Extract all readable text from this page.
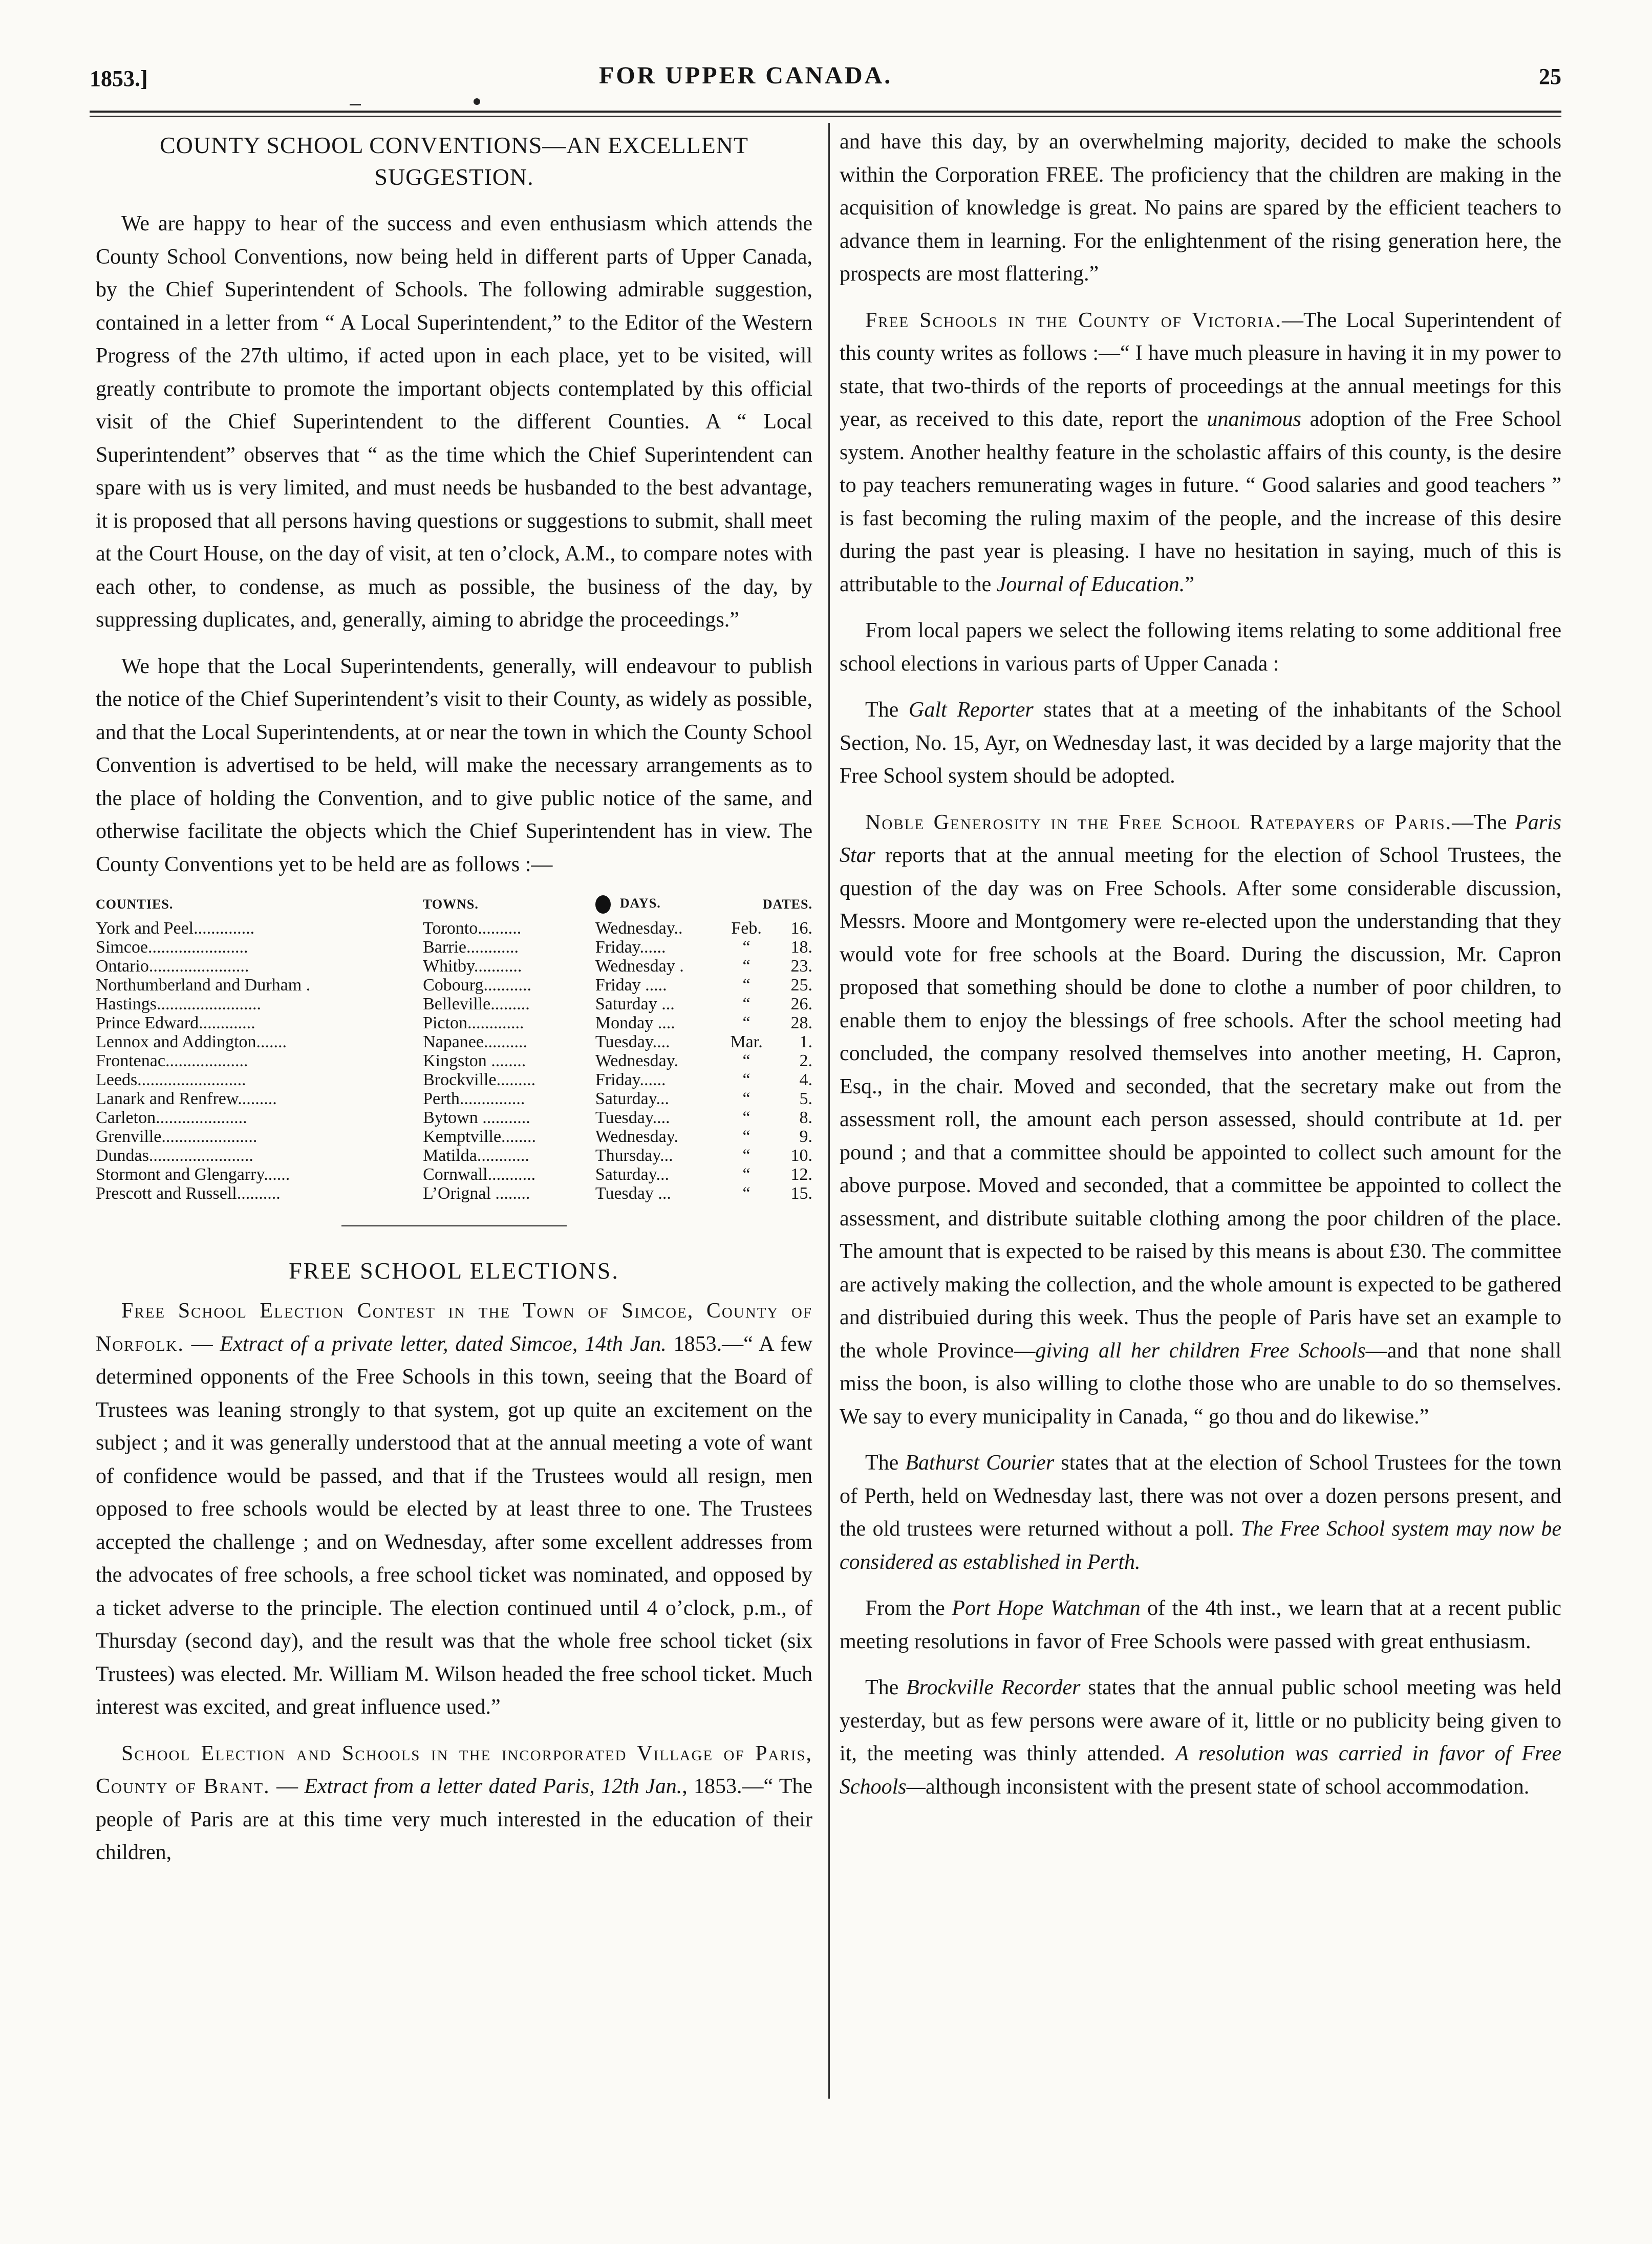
1853.]	FOR UPPER CANADA.	25
COUNTY SCHOOL CONVENTIONS—AN EXCELLENT SUGGESTION.

We are happy to hear of the success and even enthusiasm which attends the County School Conventions, now being held in different parts of Upper Canada, by the Chief Superintendent of Schools. The following admirable suggestion, contained in a letter from “ A Local Superintendent,” to the Editor of the Western Progress of the 27th ultimo, if acted upon in each place, yet to be visited, will greatly contribute to promote the important objects contemplated by this official visit of the Chief Superintendent to the different Counties. A “ Local Superintendent” observes that “ as the time which the Chief Superintendent can spare with us is very limited, and must needs be husbanded to the best advantage, it is proposed that all persons having questions or suggestions to submit, shall meet at the Court House, on the day of visit, at ten o’clock, A.M., to compare notes with each other, to condense, as much as possible, the business of the day, by suppressing duplicates, and, generally, aiming to abridge the proceedings.”

We hope that the Local Superintendents, generally, will endeavour to publish the notice of the Chief Superintendent’s visit to their County, as widely as possible, and that the Local Superintendents, at or near the town in which the County School Convention is advertised to be held, will make the necessary arrangements as to the place of holding the Convention, and to give public notice of the same, and otherwise facilitate the objects which the Chief Superintendent has in view. The County Conventions yet to be held are as follows :—

COUNTIES.	TOWNS.	DAYS.		DATES.
York and Peel..............	Toronto..........	Wednesday..	Feb.	16.
Simcoe.......................	Barrie............	Friday......	“	18.
Ontario.......................	Whitby...........	Wednesday .	“	23.
Northumberland and Durham .	Cobourg...........	Friday .....	“	25.
Hastings........................	Belleville.........	Saturday ...	“	26.
Prince Edward.............	Picton.............	Monday ....	“	28.
Lennox and Addington.......	Napanee..........	Tuesday....	Mar.	1.
Frontenac...................	Kingston ........	Wednesday.	“	2.
Leeds.........................	Brockville.........	Friday......	“	4.
Lanark and Renfrew.........	Perth...............	Saturday...	“	5.
Carleton.....................	Bytown ...........	Tuesday....	“	8.
Grenville......................	Kemptville........	Wednesday.	“	9.
Dundas........................	Matilda............	Thursday...	“	10.
Stormont and Glengarry......	Cornwall...........	Saturday...	“	12.
Prescott and Russell..........	L’Orignal ........	Tuesday ...	“	15.
FREE SCHOOL ELECTIONS.

Free School Election Contest in the Town of Simcoe, County of Norfolk. — Extract of a private letter, dated Simcoe, 14th Jan. 1853.—“ A few determined opponents of the Free Schools in this town, seeing that the Board of Trustees was leaning strongly to that system, got up quite an excitement on the subject ; and it was generally understood that at the annual meeting a vote of want of confidence would be passed, and that if the Trustees would all resign, men opposed to free schools would be elected by at least three to one. The Trustees accepted the challenge ; and on Wednesday, after some excellent addresses from the advocates of free schools, a free school ticket was nominated, and opposed by a ticket adverse to the principle. The election continued until 4 o’clock, p.m., of Thursday (second day), and the result was that the whole free school ticket (six Trustees) was elected. Mr. William M. Wilson headed the free school ticket. Much interest was excited, and great influence used.”

School Election and Schools in the incorporated Village of Paris, County of Brant. — Extract from a letter dated Paris, 12th Jan., 1853.—“ The people of Paris are at this time very much interested in the education of their children,

and have this day, by an overwhelming majority, decided to make the schools within the Corporation FREE. The proficiency that the children are making in the acquisition of knowledge is great. No pains are spared by the efficient teachers to advance them in learning. For the enlightenment of the rising generation here, the prospects are most flattering.”

Free Schools in the County of Victoria.—The Local Superintendent of this county writes as follows :—“ I have much pleasure in having it in my power to state, that two-thirds of the reports of proceedings at the annual meetings for this year, as received to this date, report the unanimous adoption of the Free School system. Another healthy feature in the scholastic affairs of this county, is the desire to pay teachers remunerating wages in future. “ Good salaries and good teachers ” is fast becoming the ruling maxim of the people, and the increase of this desire during the past year is pleasing. I have no hesitation in saying, much of this is attributable to the Journal of Education.”

From local papers we select the following items relating to some additional free school elections in various parts of Upper Canada :

The Galt Reporter states that at a meeting of the inhabitants of the School Section, No. 15, Ayr, on Wednesday last, it was decided by a large majority that the Free School system should be adopted.

Noble Generosity in the Free School Ratepayers of Paris.—The Paris Star reports that at the annual meeting for the election of School Trustees, the question of the day was on Free Schools. After some considerable discussion, Messrs. Moore and Montgomery were re-elected upon the understanding that they would vote for free schools at the Board. During the discussion, Mr. Capron proposed that something should be done to clothe a number of poor children, to enable them to enjoy the blessings of free schools. After the school meeting had concluded, the company resolved themselves into another meeting, H. Capron, Esq., in the chair. Moved and seconded, that the secretary make out from the assessment roll, the amount each person assessed, should contribute at 1d. per pound ; and that a committee should be appointed to collect such amount for the above purpose. Moved and seconded, that a committee be appointed to collect the assessment, and distribute suitable clothing among the poor children of the place. The amount that is expected to be raised by this means is about £30. The committee are actively making the collection, and the whole amount is expected to be gathered and distribuied during this week. Thus the people of Paris have set an example to the whole Province—giving all her children Free Schools—and that none shall miss the boon, is also willing to clothe those who are unable to do so themselves. We say to every municipality in Canada, “ go thou and do likewise.”

The Bathurst Courier states that at the election of School Trustees for the town of Perth, held on Wednesday last, there was not over a dozen persons present, and the old trustees were returned without a poll. The Free School system may now be considered as established in Perth.

From the Port Hope Watchman of the 4th inst., we learn that at a recent public meeting resolutions in favor of Free Schools were passed with great enthusiasm.

The Brockville Recorder states that the annual public school meeting was held yesterday, but as few persons were aware of it, little or no publicity being given to it, the meeting was thinly attended. A resolution was carried in favor of Free Schools—although inconsistent with the present state of school accommodation.
